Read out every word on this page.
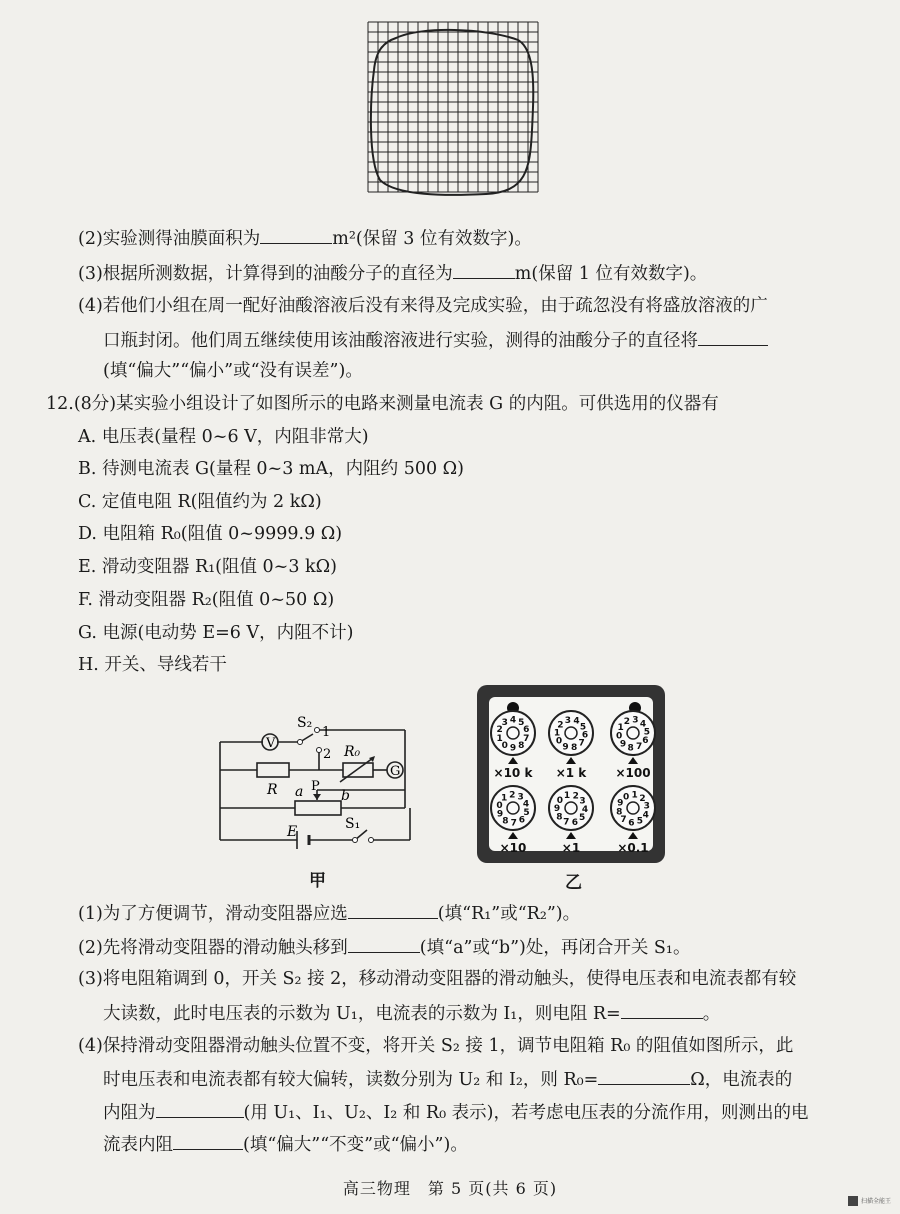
(2)实验测得油膜面积为	m²(保留 3 位有效数字)。
(3)根据所测数据，计算得到的油酸分子的直径为	m(保留 1 位有效数字)。
(4)若他们小组在周一配好油酸溶液后没有来得及完成实验，由于疏忽没有将盛放溶液的广
口瓶封闭。他们周五继续使用该油酸溶液进行实验，测得的油酸分子的直径将
(填“偏大”“偏小”或“没有误差”)。
12.(8分)某实验小组设计了如图所示的电路来测量电流表 G 的内阻。可供选用的仪器有
A. 电压表(量程 0~6 V，内阻非常大)
B. 待测电流表 G(量程 0~3 mA，内阻约 500 Ω)
C. 定值电阻 R(阻值约为 2 kΩ)
D. 电阻箱 R₀(阻值 0~9999.9 Ω)
E. 滑动变阻器 R₁(阻值 0~3 kΩ)
F. 滑动变阻器 R₂(阻值 0~50 Ω)
G. 电源(电动势 E=6 V，内阻不计)
H. 开关、导线若干
V
G
S₂
1
2 R₀
R a P
b
E	S₁
甲
4 5
6
7
8
9
0
1
2
3
×10 k
4
5
6
7
8
9
0
1
2 3
×1 k
4
5
6
7
8
9
0
1
2 3
×100
4
5
6
7
8
9
0
1 2 3
×10
4
5
6
7
8
9
0 1 2
3
×1
4
5
6
7
8
9
0 1 2
3
×0.1
乙
(1)为了方便调节，滑动变阻器应选	(填“R₁”或“R₂”)。
(2)先将滑动变阻器的滑动触头移到	(填“a”或“b”)处，再闭合开关 S₁。
(3)将电阻箱调到 0，开关 S₂ 接 2，移动滑动变阻器的滑动触头，使得电压表和电流表都有较
大读数，此时电压表的示数为 U₁，电流表的示数为 I₁，则电阻 R=	。
(4)保持滑动变阻器滑动触头位置不变，将开关 S₂ 接 1，调节电阻箱 R₀ 的阻值如图所示，此
时电压表和电流表都有较大偏转，读数分别为 U₂ 和 I₂，则 R₀=	Ω，电流表的
内阻为	(用 U₁、I₁、U₂、I₂ 和 R₀ 表示)，若考虑电压表的分流作用，则测出的电
流表内阻	(填“偏大”“不变”或“偏小”)。
高三物理　第 5 页(共 6 页)
扫描全能王
